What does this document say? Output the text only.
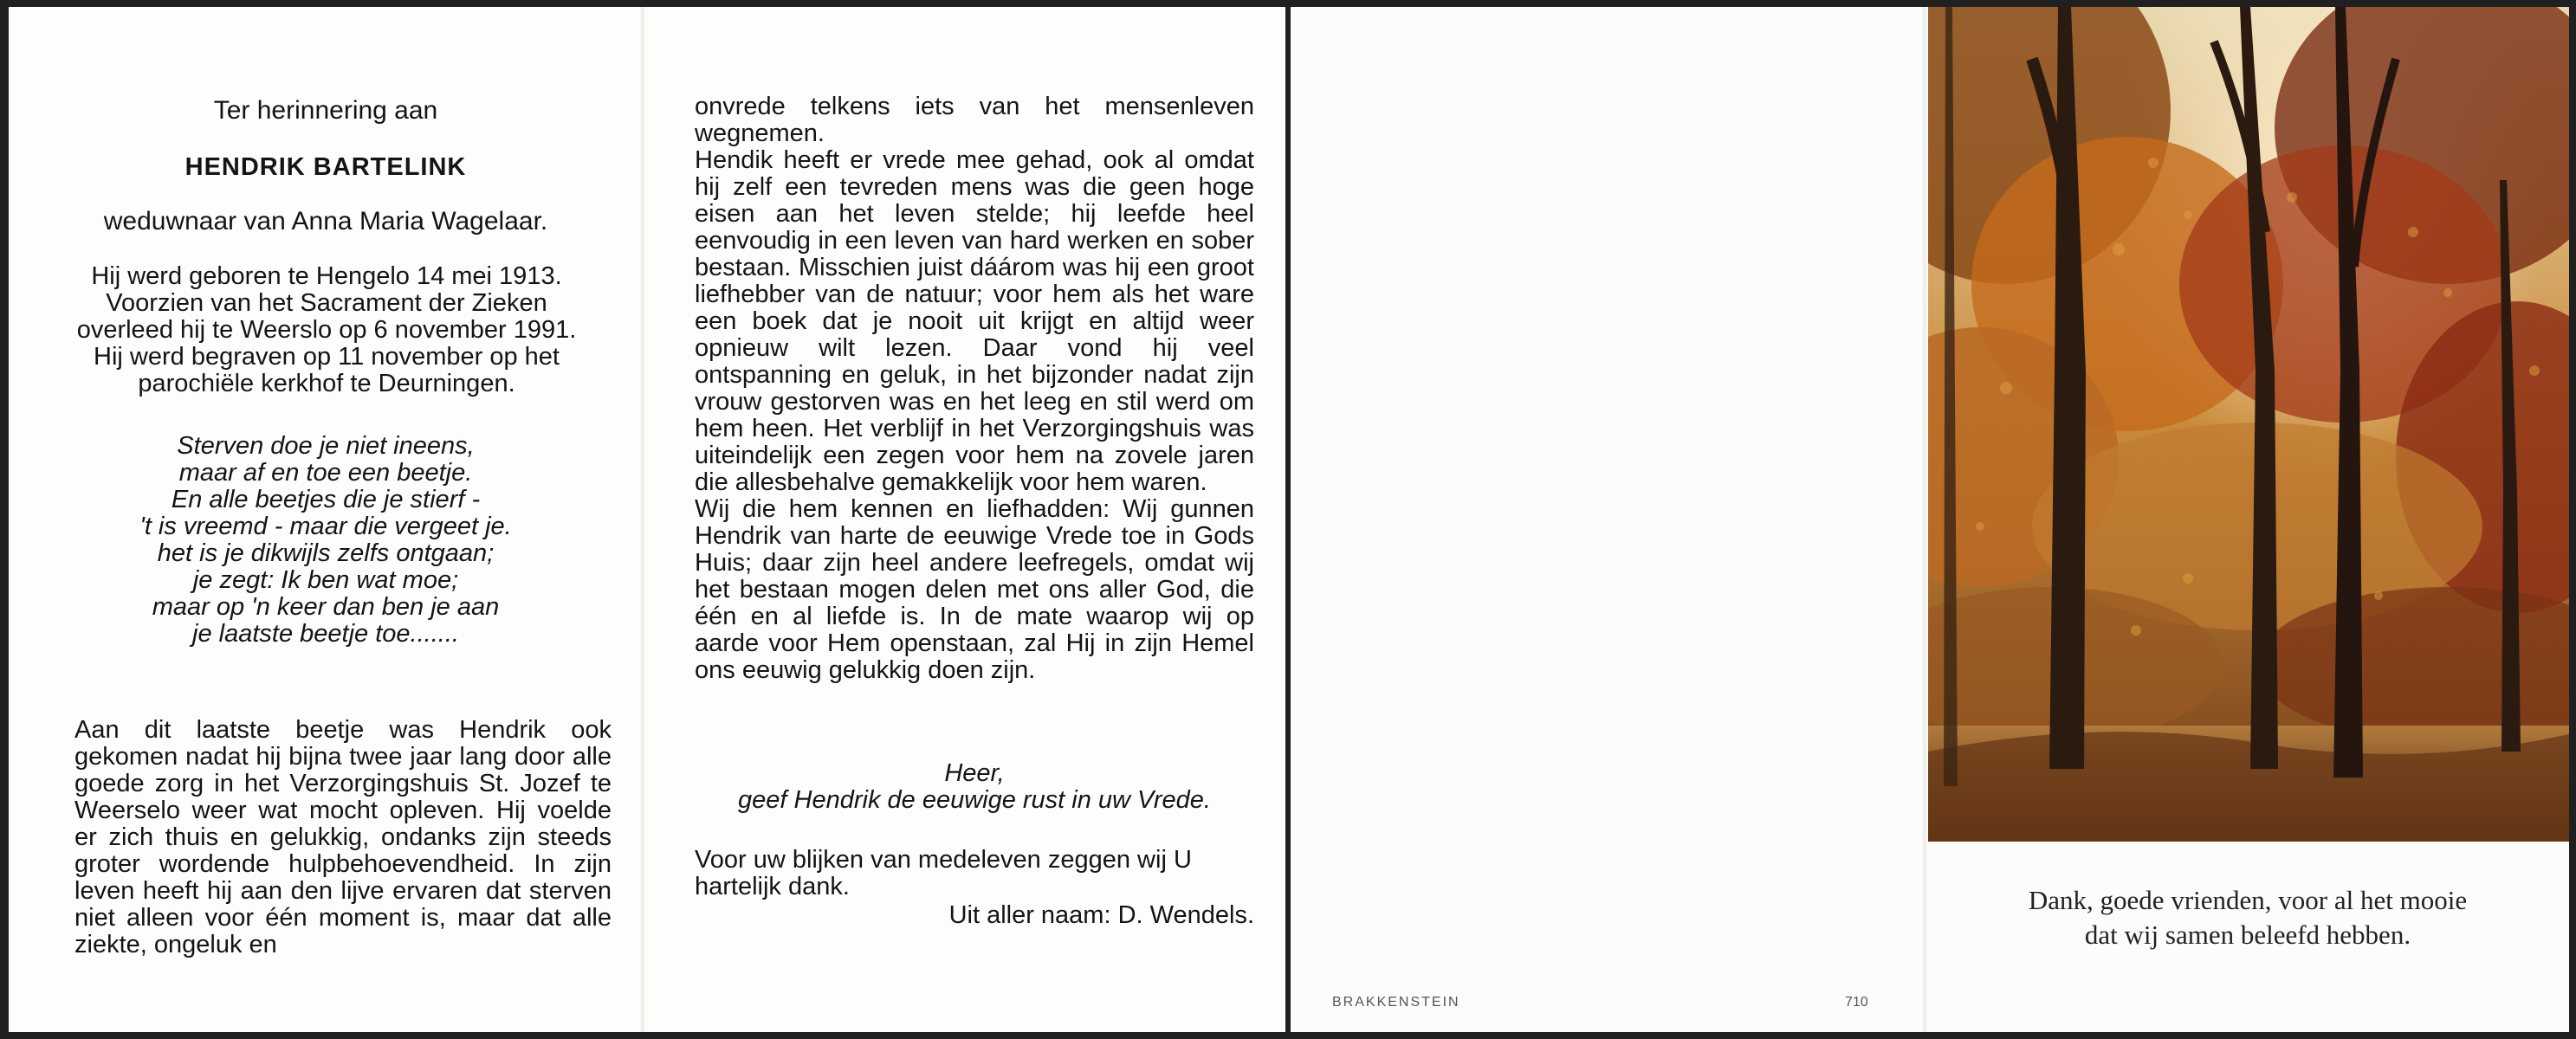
Ter herinnering aan
HENDRIK BARTELINK
weduwnaar van Anna Maria Wagelaar.
Hij werd geboren te Hengelo 14 mei 1913.
Voorzien van het Sacrament der Zieken
overleed hij te Weerslo op 6 november 1991.
Hij werd begraven op 11 november op het
parochiële kerkhof te Deurningen.
Sterven doe je niet ineens,
maar af en toe een beetje.
En alle beetjes die je stierf -
't is vreemd - maar die vergeet je.
het is je dikwijls zelfs ontgaan;
je zegt: Ik ben wat moe;
maar op 'n keer dan ben je aan
je laatste beetje toe.......
Aan dit laatste beetje was Hendrik ook gekomen nadat hij bijna twee jaar lang door alle goede zorg in het Verzorgingshuis St. Jozef te Weerselo weer wat mocht opleven. Hij voelde er zich thuis en gelukkig, ondanks zijn steeds groter wordende hulpbehoevendheid. In zijn leven heeft hij aan den lijve ervaren dat sterven niet alleen voor één moment is, maar dat alle ziekte, ongeluk en

onvrede telkens iets van het mensenleven wegnemen.

Hendik heeft er vrede mee gehad, ook al omdat hij zelf een tevreden mens was die geen hoge eisen aan het leven stelde; hij leefde heel eenvoudig in een leven van hard werken en sober bestaan. Misschien juist dáárom was hij een groot liefhebber van de natuur; voor hem als het ware een boek dat je nooit uit krijgt en altijd weer opnieuw wilt lezen. Daar vond hij veel ontspanning en geluk, in het bijzonder nadat zijn vrouw gestorven was en het leeg en stil werd om hem heen. Het verblijf in het Verzorgingshuis was uiteindelijk een zegen voor hem na zovele jaren die allesbehalve gemakkelijk voor hem waren.

Wij die hem kennen en liefhadden: Wij gunnen Hendrik van harte de eeuwige Vrede toe in Gods Huis; daar zijn heel andere leefregels, omdat wij het bestaan mogen delen met ons aller God, die één en al liefde is. In de mate waarop wij op aarde voor Hem openstaan, zal Hij in zijn Hemel ons eeuwig gelukkig doen zijn.

Heer,
geef Hendrik de eeuwige rust in uw Vrede.
Voor uw blijken van medeleven zeggen wij U hartelijk dank.
Uit aller naam: D. Wendels.
BRAKKENSTEIN	710
Dank, goede vrienden, voor al het mooie
dat wij samen beleefd hebben.
